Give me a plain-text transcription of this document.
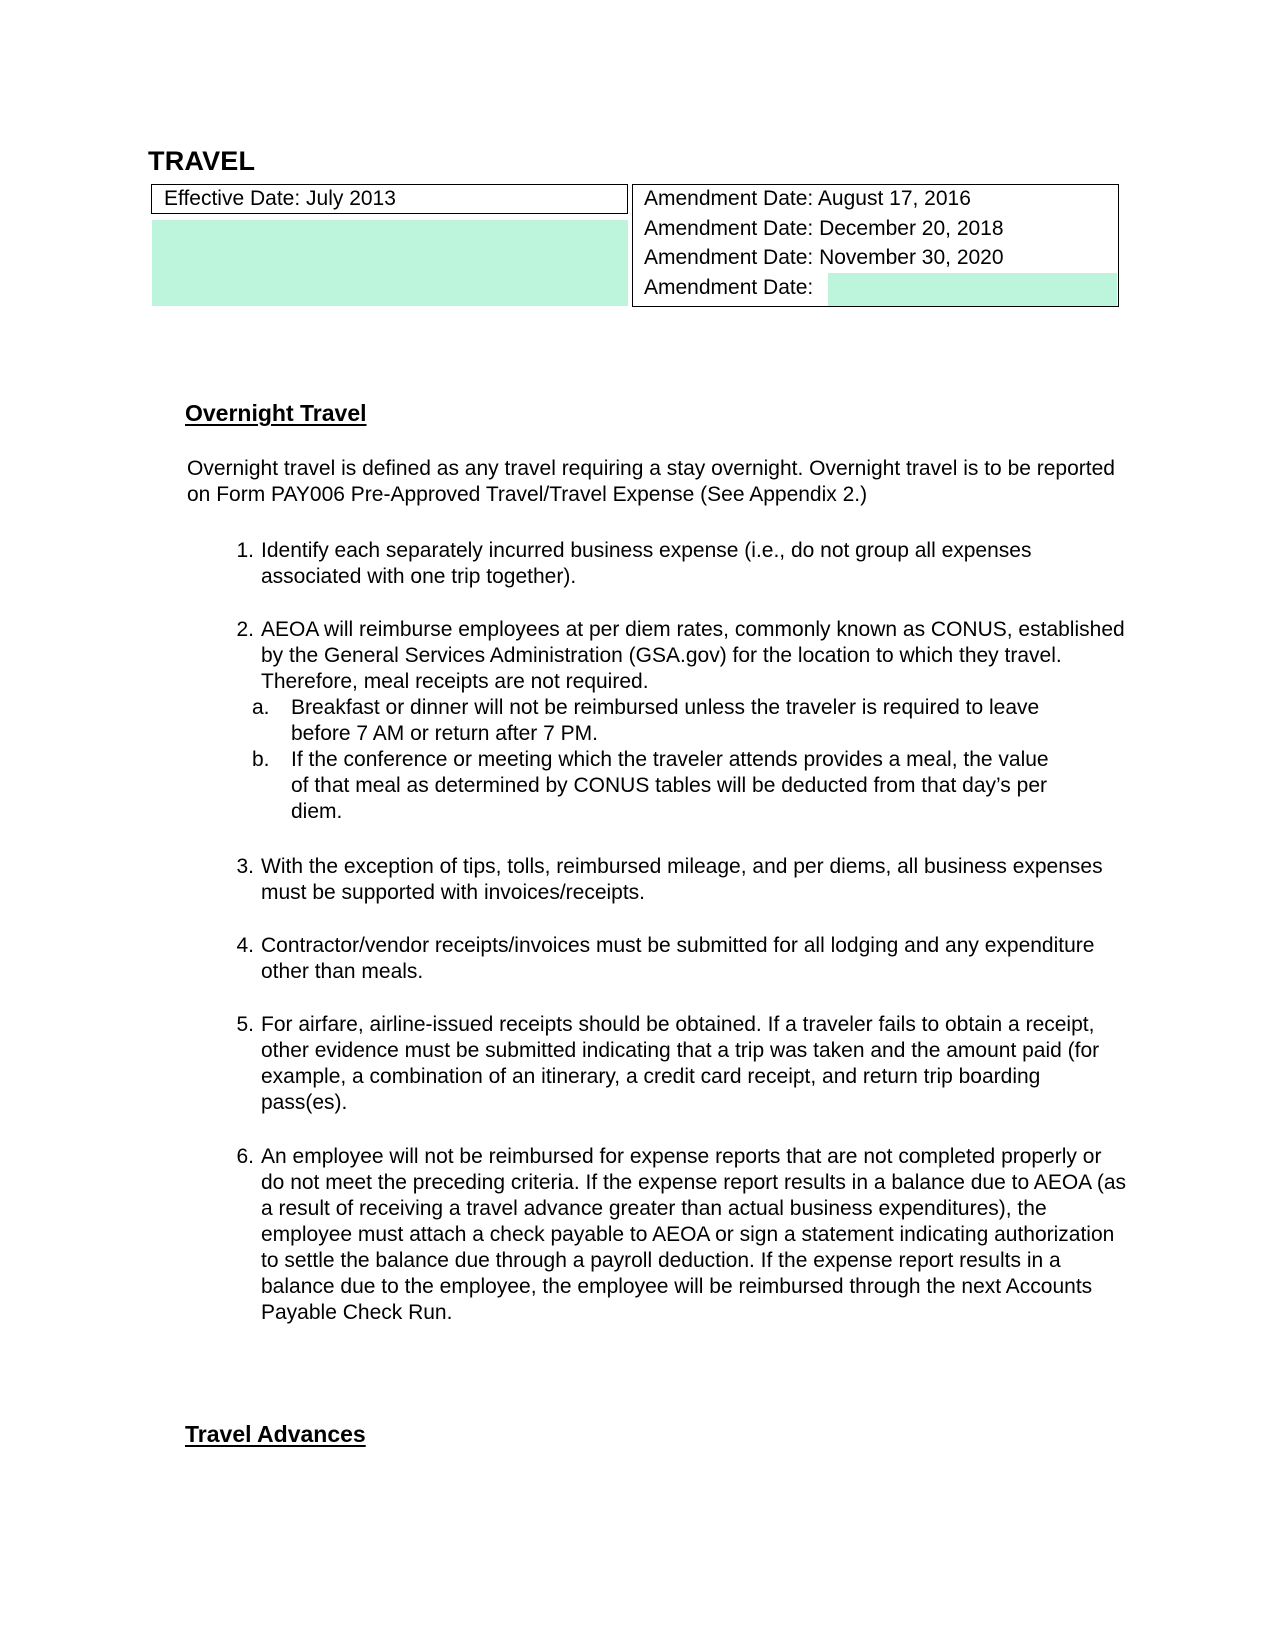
TRAVEL
Effective Date: July 2013	Amendment Date: August 17, 2016
Amendment Date: December 20, 2018
Amendment Date: November 30, 2020
Amendment Date:
Overnight Travel

Overnight travel is defined as any travel requiring a stay overnight. Overnight travel is to be reported on Form PAY006 Pre-Approved Travel/Travel Expense (See Appendix 2.)

1. Identify each separately incurred business expense (i.e., do not group all expenses associated with one trip together).
2. AEOA will reimburse employees at per diem rates, commonly known as CONUS, established by the General Services Administration (GSA.gov) for the location to which they travel. Therefore, meal receipts are not required.
a. Breakfast or dinner will not be reimbursed unless the traveler is required to leave before 7 AM or return after 7 PM.
b. If the conference or meeting which the traveler attends provides a meal, the value of that meal as determined by CONUS tables will be deducted from that day’s per diem.
3. With the exception of tips, tolls, reimbursed mileage, and per diems, all business expenses must be supported with invoices/receipts.
4. Contractor/vendor receipts/invoices must be submitted for all lodging and any expenditure other than meals.
5. For airfare, airline-issued receipts should be obtained. If a traveler fails to obtain a receipt, other evidence must be submitted indicating that a trip was taken and the amount paid (for example, a combination of an itinerary, a credit card receipt, and return trip boarding pass(es).
6. An employee will not be reimbursed for expense reports that are not completed properly or do not meet the preceding criteria. If the expense report results in a balance due to AEOA (as a result of receiving a travel advance greater than actual business expenditures), the employee must attach a check payable to AEOA or sign a statement indicating authorization to settle the balance due through a payroll deduction. If the expense report results in a balance due to the employee, the employee will be reimbursed through the next Accounts Payable Check Run.
Travel Advances
